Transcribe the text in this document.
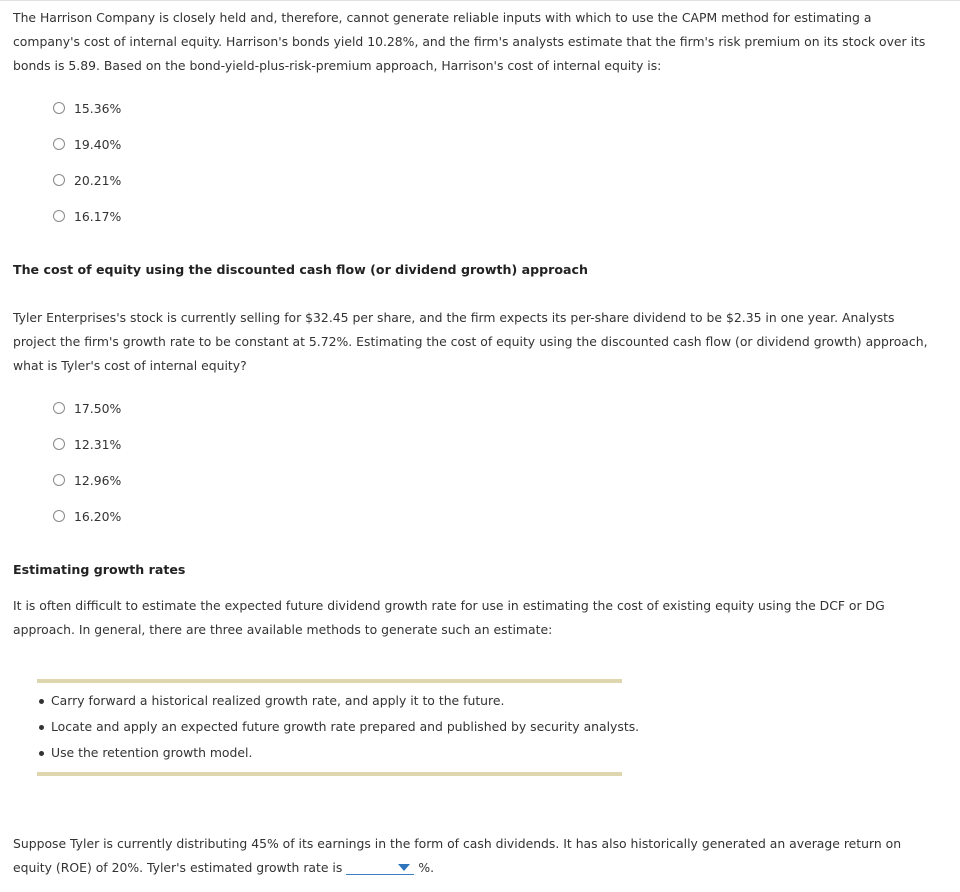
The Harrison Company is closely held and, therefore, cannot generate reliable inputs with which to use the CAPM method for estimating a company's cost of internal equity. Harrison's bonds yield 10.28%, and the firm's analysts estimate that the firm's risk premium on its stock over its bonds is 5.89. Based on the bond-yield-plus-risk-premium approach, Harrison's cost of internal equity is:

15.36%
19.40%
20.21%
16.17%
The cost of equity using the discounted cash flow (or dividend growth) approach

Tyler Enterprises's stock is currently selling for $32.45 per share, and the firm expects its per-share dividend to be $2.35 in one year. Analysts project the firm's growth rate to be constant at 5.72%. Estimating the cost of equity using the discounted cash flow (or dividend growth) approach, what is Tyler's cost of internal equity?

17.50%
12.31%
12.96%
16.20%
Estimating growth rates

It is often difficult to estimate the expected future dividend growth rate for use in estimating the cost of existing equity using the DCF or DG approach. In general, there are three available methods to generate such an estimate:

Carry forward a historical realized growth rate, and apply it to the future.
Locate and apply an expected future growth rate prepared and published by security analysts.
Use the retention growth model.

Suppose Tyler is currently distributing 45% of its earnings in the form of cash dividends. It has also historically generated an average return on equity (ROE) of 20%. Tyler's estimated growth rate is	%.
